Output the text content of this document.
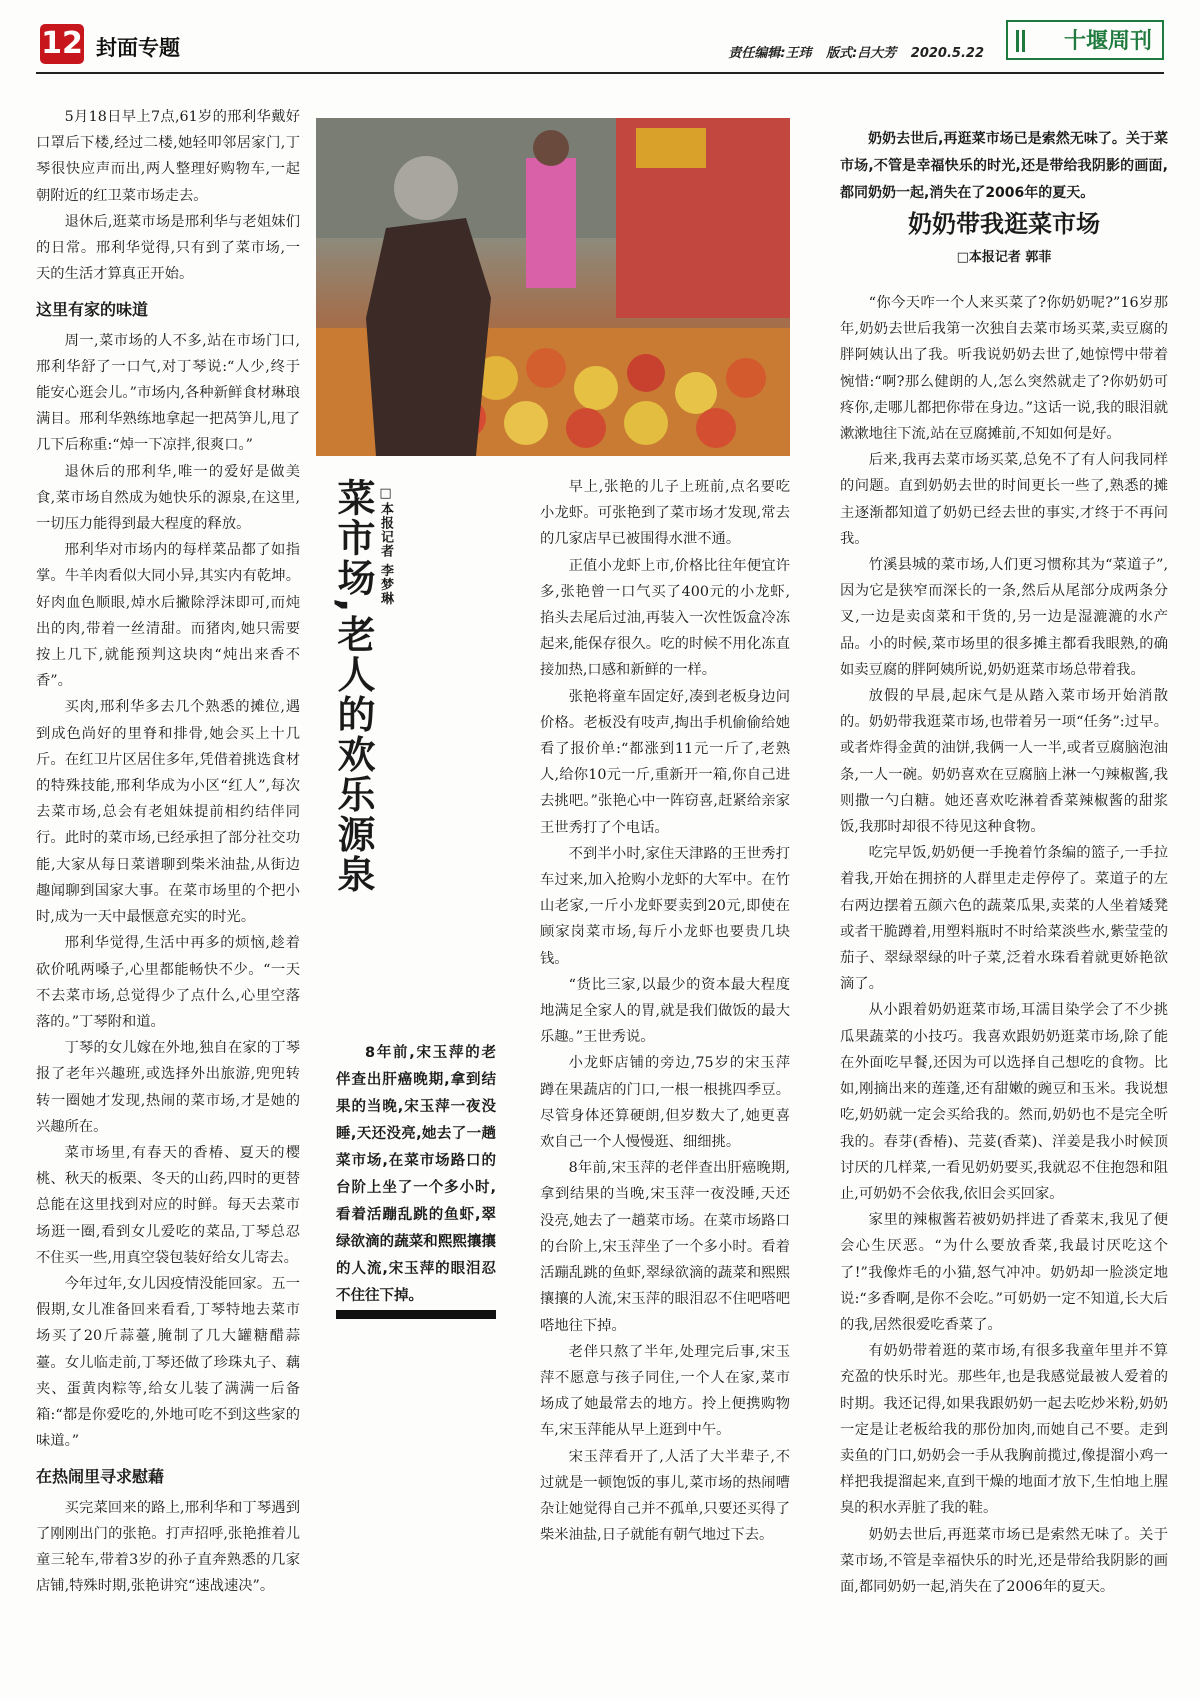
12 封面专题	责任编辑:王玮 版式:吕大芳 2020.5.22	十堰周刊

5月18日早上7点,61岁的邢利华戴好口罩后下楼,经过二楼,她轻叩邻居家门,丁琴很快应声而出,两人整理好购物车,一起朝附近的红卫菜市场走去。

退休后,逛菜市场是邢利华与老姐妹们的日常。邢利华觉得,只有到了菜市场,一天的生活才算真正开始。

这里有家的味道

周一,菜市场的人不多,站在市场门口,邢利华舒了一口气,对丁琴说:“人少,终于能安心逛会儿。”市场内,各种新鲜食材琳琅满目。邢利华熟练地拿起一把莴笋儿,甩了几下后称重:“焯一下凉拌,很爽口。”

退休后的邢利华,唯一的爱好是做美食,菜市场自然成为她快乐的源泉,在这里,一切压力能得到最大程度的释放。

邢利华对市场内的每样菜品都了如指掌。牛羊肉看似大同小异,其实内有乾坤。好肉血色顺眼,焯水后撇除浮沫即可,而炖出的肉,带着一丝清甜。而猪肉,她只需要按上几下,就能预判这块肉“炖出来香不香”。

买肉,邢利华多去几个熟悉的摊位,遇到成色尚好的里脊和排骨,她会买上十几斤。在红卫片区居住多年,凭借着挑选食材的特殊技能,邢利华成为小区“红人”,每次去菜市场,总会有老姐妹提前相约结伴同行。此时的菜市场,已经承担了部分社交功能,大家从每日菜谱聊到柴米油盐,从街边趣闻聊到国家大事。在菜市场里的个把小时,成为一天中最惬意充实的时光。

邢利华觉得,生活中再多的烦恼,趁着砍价吼两嗓子,心里都能畅快不少。“一天不去菜市场,总觉得少了点什么,心里空落落的。”丁琴附和道。

丁琴的女儿嫁在外地,独自在家的丁琴报了老年兴趣班,或选择外出旅游,兜兜转转一圈她才发现,热闹的菜市场,才是她的兴趣所在。

菜市场里,有春天的香椿、夏天的樱桃、秋天的板栗、冬天的山药,四时的更替总能在这里找到对应的时鲜。每天去菜市场逛一圈,看到女儿爱吃的菜品,丁琴总忍不住买一些,用真空袋包装好给女儿寄去。

今年过年,女儿因疫情没能回家。五一假期,女儿准备回来看看,丁琴特地去菜市场买了20斤蒜薹,腌制了几大罐糖醋蒜薹。女儿临走前,丁琴还做了珍珠丸子、藕夹、蛋黄肉粽等,给女儿装了满满一后备箱:“都是你爱吃的,外地可吃不到这些家的味道。”

在热闹里寻求慰藉

买完菜回来的路上,邢利华和丁琴遇到了刚刚出门的张艳。打声招呼,张艳推着儿童三轮车,带着3岁的孙子直奔熟悉的几家店铺,特殊时期,张艳讲究“速战速决”。

菜市场,老人的欢乐源泉 □本报记者 李梦琳
8年前,宋玉萍的老伴查出肝癌晚期,拿到结果的当晚,宋玉萍一夜没睡,天还没亮,她去了一趟菜市场,在菜市场路口的台阶上坐了一个多小时,看着活蹦乱跳的鱼虾,翠绿欲滴的蔬菜和熙熙攘攘的人流,宋玉萍的眼泪忍不住往下掉。

早上,张艳的儿子上班前,点名要吃小龙虾。可张艳到了菜市场才发现,常去的几家店早已被围得水泄不通。

正值小龙虾上市,价格比往年便宜许多,张艳曾一口气买了400元的小龙虾,掐头去尾后过油,再装入一次性饭盒冷冻起来,能保存很久。吃的时候不用化冻直接加热,口感和新鲜的一样。

张艳将童车固定好,凑到老板身边问价格。老板没有吱声,掏出手机偷偷给她看了报价单:“都涨到11元一斤了,老熟人,给你10元一斤,重新开一箱,你自己进去挑吧。”张艳心中一阵窃喜,赶紧给亲家王世秀打了个电话。

不到半小时,家住天津路的王世秀打车过来,加入抢购小龙虾的大军中。在竹山老家,一斤小龙虾要卖到20元,即使在顾家岗菜市场,每斤小龙虾也要贵几块钱。

“货比三家,以最少的资本最大程度地满足全家人的胃,就是我们做饭的最大乐趣。”王世秀说。

小龙虾店铺的旁边,75岁的宋玉萍蹲在果蔬店的门口,一根一根挑四季豆。尽管身体还算硬朗,但岁数大了,她更喜欢自己一个人慢慢逛、细细挑。

8年前,宋玉萍的老伴查出肝癌晚期,拿到结果的当晚,宋玉萍一夜没睡,天还没亮,她去了一趟菜市场。在菜市场路口的台阶上,宋玉萍坐了一个多小时。看着活蹦乱跳的鱼虾,翠绿欲滴的蔬菜和熙熙攘攘的人流,宋玉萍的眼泪忍不住吧嗒吧嗒地往下掉。

老伴只熬了半年,处理完后事,宋玉萍不愿意与孩子同住,一个人在家,菜市场成了她最常去的地方。拎上便携购物车,宋玉萍能从早上逛到中午。

宋玉萍看开了,人活了大半辈子,不过就是一顿饱饭的事儿,菜市场的热闹嘈杂让她觉得自己并不孤单,只要还买得了柴米油盐,日子就能有朝气地过下去。

奶奶去世后,再逛菜市场已是索然无味了。关于菜市场,不管是幸福快乐的时光,还是带给我阴影的画面,都同奶奶一起,消失在了2006年的夏天。
奶奶带我逛菜市场
□本报记者 郭菲

“你今天咋一个人来买菜了?你奶奶呢?”16岁那年,奶奶去世后我第一次独自去菜市场买菜,卖豆腐的胖阿姨认出了我。听我说奶奶去世了,她惊愕中带着惋惜:“啊?那么健朗的人,怎么突然就走了?你奶奶可疼你,走哪儿都把你带在身边。”这话一说,我的眼泪就漱漱地往下流,站在豆腐摊前,不知如何是好。

后来,我再去菜市场买菜,总免不了有人问我同样的问题。直到奶奶去世的时间更长一些了,熟悉的摊主逐渐都知道了奶奶已经去世的事实,才终于不再问我。

竹溪县城的菜市场,人们更习惯称其为“菜道子”,因为它是狭窄而深长的一条,然后从尾部分成两条分叉,一边是卖卤菜和干货的,另一边是湿漉漉的水产品。小的时候,菜市场里的很多摊主都看我眼熟,的确如卖豆腐的胖阿姨所说,奶奶逛菜市场总带着我。

放假的早晨,起床气是从踏入菜市场开始消散的。奶奶带我逛菜市场,也带着另一项“任务”:过早。或者炸得金黄的油饼,我俩一人一半,或者豆腐脑泡油条,一人一碗。奶奶喜欢在豆腐脑上淋一勺辣椒酱,我则撒一勺白糖。她还喜欢吃淋着香菜辣椒酱的甜浆饭,我那时却很不待见这种食物。

吃完早饭,奶奶便一手挽着竹条编的篮子,一手拉着我,开始在拥挤的人群里走走停停了。菜道子的左右两边摆着五颜六色的蔬菜瓜果,卖菜的人坐着矮凳或者干脆蹲着,用塑料瓶时不时给菜淡些水,紫莹莹的茄子、翠绿翠绿的叶子菜,泛着水珠看着就更娇艳欲滴了。

从小跟着奶奶逛菜市场,耳濡目染学会了不少挑瓜果蔬菜的小技巧。我喜欢跟奶奶逛菜市场,除了能在外面吃早餐,还因为可以选择自己想吃的食物。比如,刚摘出来的莲蓬,还有甜嫩的豌豆和玉米。我说想吃,奶奶就一定会买给我的。然而,奶奶也不是完全听我的。春芽(香椿)、芫荽(香菜)、洋姜是我小时候顶讨厌的几样菜,一看见奶奶要买,我就忍不住抱怨和阻止,可奶奶不会依我,依旧会买回家。

家里的辣椒酱若被奶奶拌进了香菜末,我见了便会心生厌恶。“为什么要放香菜,我最讨厌吃这个了!”我像炸毛的小猫,怒气冲冲。奶奶却一脸淡定地说:“多香啊,是你不会吃。”可奶奶一定不知道,长大后的我,居然很爱吃香菜了。

有奶奶带着逛的菜市场,有很多我童年里并不算充盈的快乐时光。那些年,也是我感觉最被人爱着的时期。我还记得,如果我跟奶奶一起去吃炒米粉,奶奶一定是让老板给我的那份加肉,而她自己不要。走到卖鱼的门口,奶奶会一手从我胸前揽过,像提溜小鸡一样把我提溜起来,直到干燥的地面才放下,生怕地上腥臭的积水弄脏了我的鞋。

奶奶去世后,再逛菜市场已是索然无味了。关于菜市场,不管是幸福快乐的时光,还是带给我阴影的画面,都同奶奶一起,消失在了2006年的夏天。
